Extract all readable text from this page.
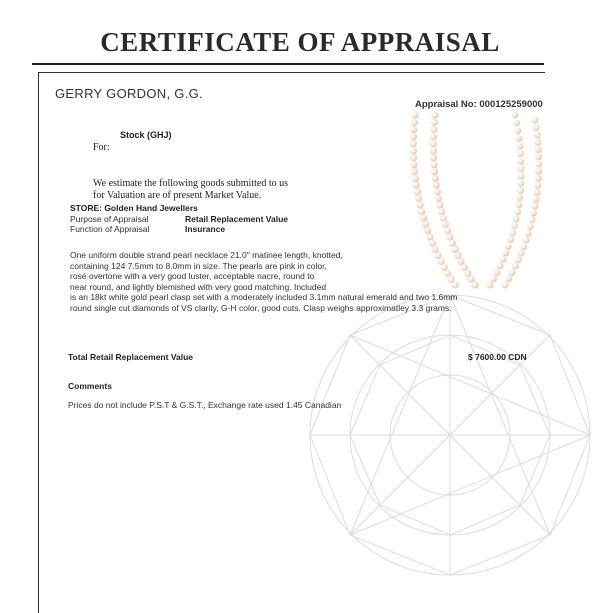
CERTIFICATE OF APPRAISAL
GERRY GORDON, G.G.
Appraisal No: 000125259000
Stock (GHJ)
For:
We estimate the following goods submitted to us for Valuation are of present Market Value.
STORE: Golden Hand Jewellers
Purpose of Appraisal	Retail Replacement Value
Function of Appraisal	Insurance
One uniform double strand pearl necklace 21.0" matinee length, knotted,
containing 124 7.5mm to 8.0mm in size. The pearls are pink in color,
rosé overtone with a very good luster, acceptable nacre, round to
near round, and lightly blemished with very good matching. Included
is an 18kt white gold pearl clasp set with a moderately included 3.1mm natural emerald and two 1.6mm
round single cut diamonds of VS clarity, G-H color, good cuts. Clasp weighs approximatley 3.3 grams.
Total Retail Replacement Value	$ 7600.00 CDN
Comments
Prices do not include P.S.T & G.S.T., Exchange rate used 1.45 Canadian
